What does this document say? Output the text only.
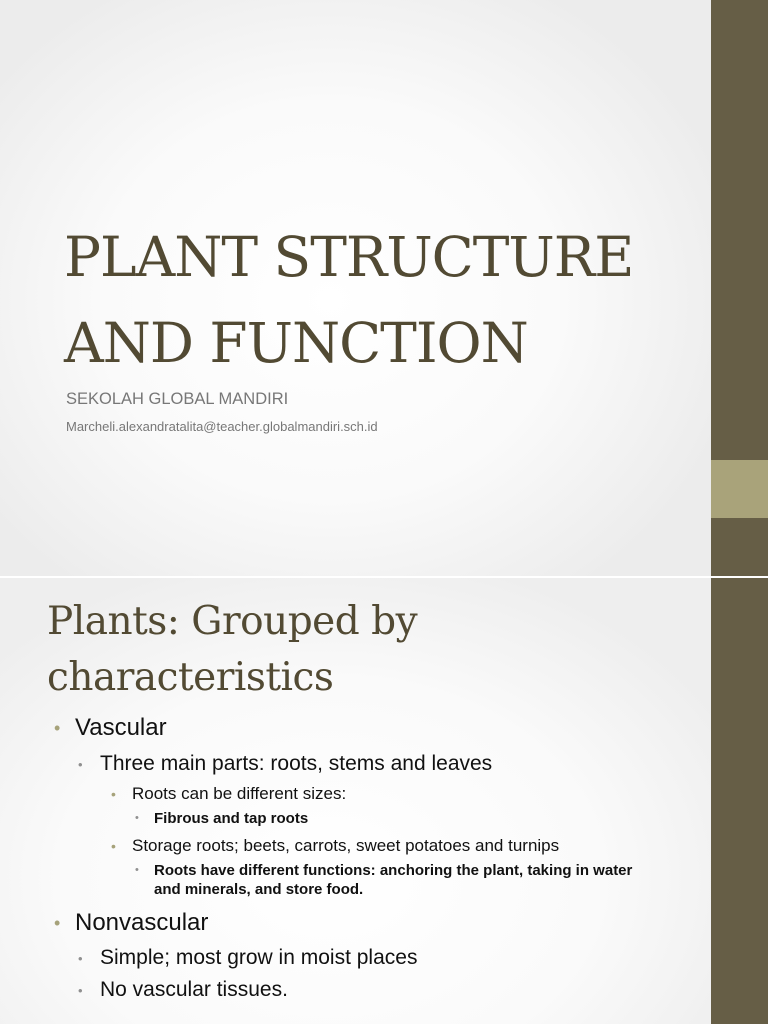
PLANT STRUCTURE
AND FUNCTION
SEKOLAH GLOBAL MANDIRI
Marcheli.alexandratalita@teacher.globalmandiri.sch.id
Plants: Grouped by
characteristics
• Vascular
• Three main parts: roots, stems and leaves
• Roots can be different sizes:
• Fibrous and tap roots
• Storage roots; beets, carrots, sweet potatoes and turnips
• Roots have different functions: anchoring the plant, taking in water and minerals, and store food.
• Nonvascular
• Simple; most grow in moist places
• No vascular tissues.
